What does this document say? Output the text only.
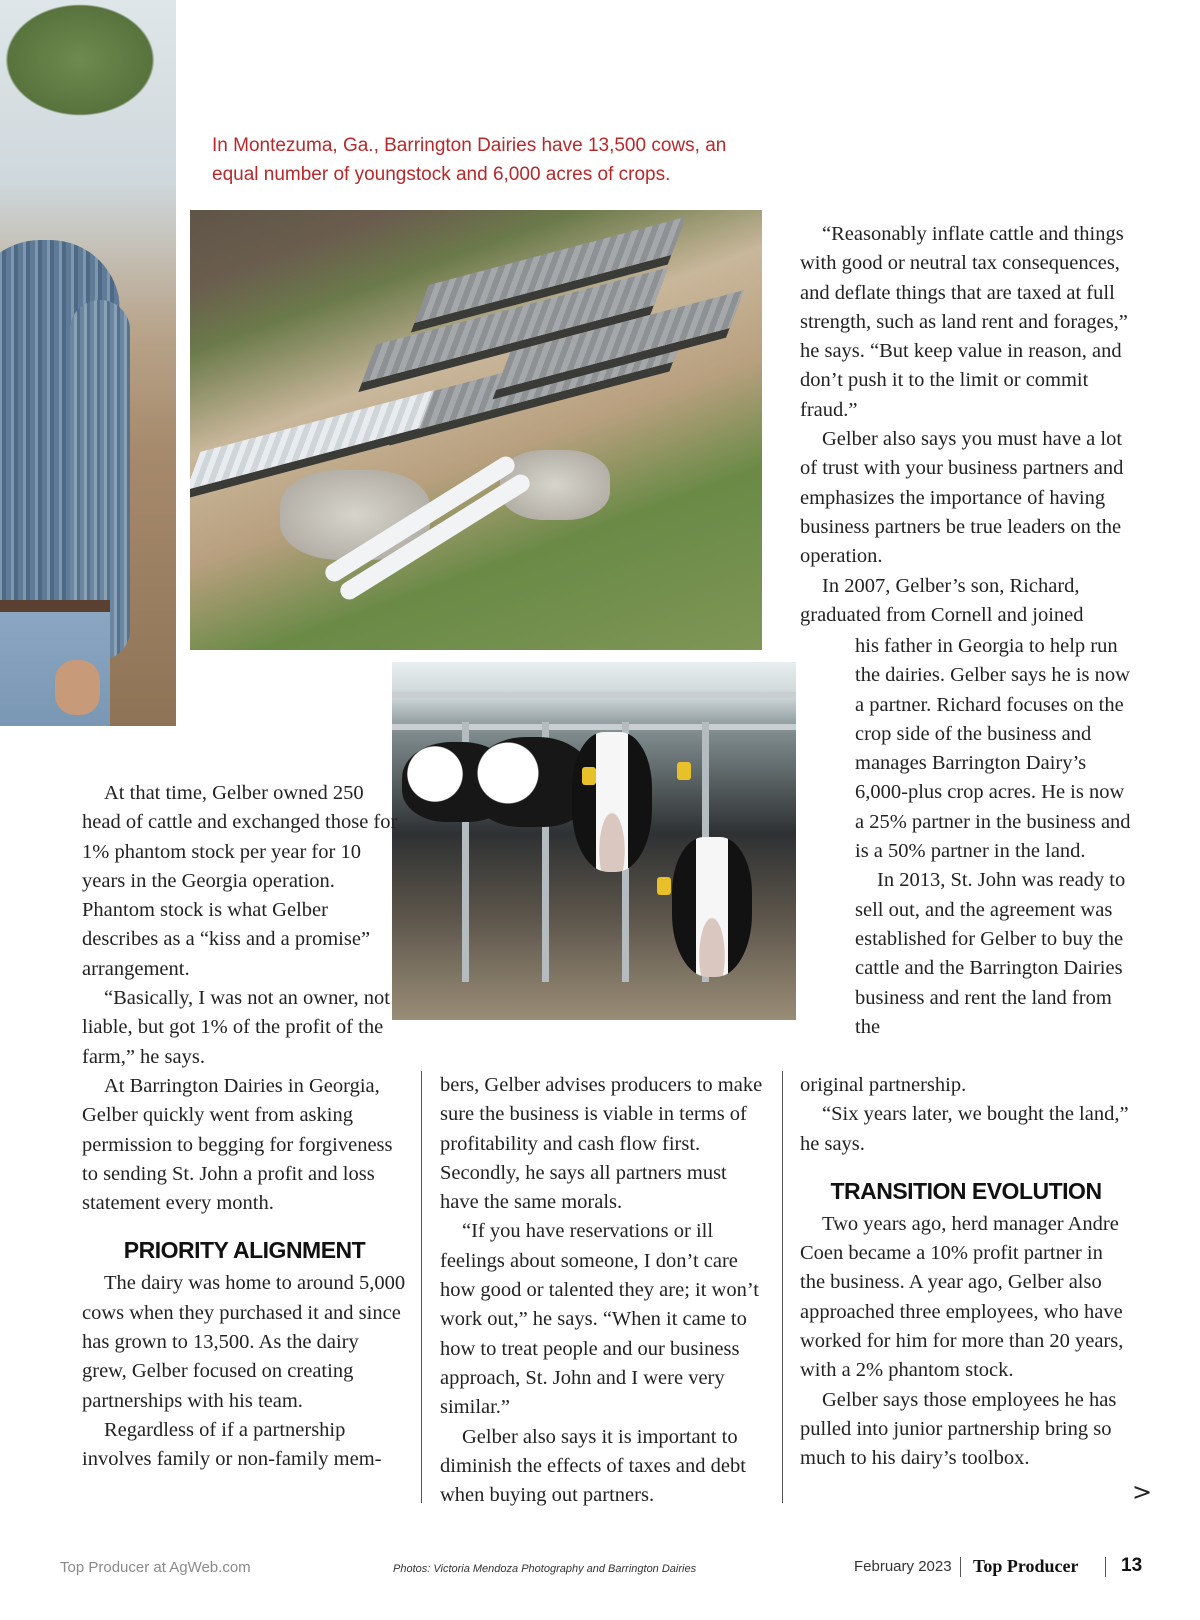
In Montezuma, Ga., Barrington Dairies have 13,500 cows, an
equal number of youngstock and 6,000 acres of crops.

At that time, Gelber owned 250 head of cattle and exchanged those for 1% phantom stock per year for 10 years in the Georgia operation. Phantom stock is what Gelber describes as a “kiss and a promise” arrangement.

“Basically, I was not an owner, not liable, but got 1% of the profit of the farm,” he says.

At Barrington Dairies in Georgia, Gelber quickly went from asking permission to begging for forgiveness to sending St. John a profit and loss statement every month.

PRIORITY ALIGNMENT

The dairy was home to around 5,000 cows when they purchased it and since has grown to 13,500. As the dairy grew, Gelber focused on creating partnerships with his team.

Regardless of if a partnership involves family or non-family mem-

bers, Gelber advises producers to make sure the business is viable in terms of profitability and cash flow first. Secondly, he says all partners must have the same morals.

“If you have reservations or ill feelings about someone, I don’t care how good or talented they are; it won’t work out,” he says. “When it came to how to treat people and our business approach, St. John and I were very similar.”

Gelber also says it is important to diminish the effects of taxes and debt when buying out partners.

“Reasonably inflate cattle and things with good or neutral tax consequences, and deflate things that are taxed at full strength, such as land rent and forages,” he says. “But keep value in reason, and don’t push it to the limit or commit fraud.”

Gelber also says you must have a lot of trust with your business partners and emphasizes the importance of having business partners be true leaders on the operation.

In 2007, Gelber’s son, Richard, graduated from Cornell and joined

his father in Georgia to help run the dairies. Gelber says he is now a partner. Richard focuses on the crop side of the business and manages Barrington Dairy’s 6,000-plus crop acres. He is now a 25% partner in the business and is a 50% partner in the land.

In 2013, St. John was ready to sell out, and the agreement was established for Gelber to buy the cattle and the Barrington Dairies business and rent the land from the

original partnership.

“Six years later, we bought the land,” he says.

TRANSITION EVOLUTION

Two years ago, herd manager Andre Coen became a 10% profit partner in the business. A year ago, Gelber also approached three employees, who have worked for him for more than 20 years, with a 2% phantom stock.

Gelber says those employees he has pulled into junior partnership bring so much to his dairy’s toolbox.

>
Top Producer at AgWeb.com	Photos: Victoria Mendoza Photography and Barrington Dairies	February 2023 Top Producer 13
